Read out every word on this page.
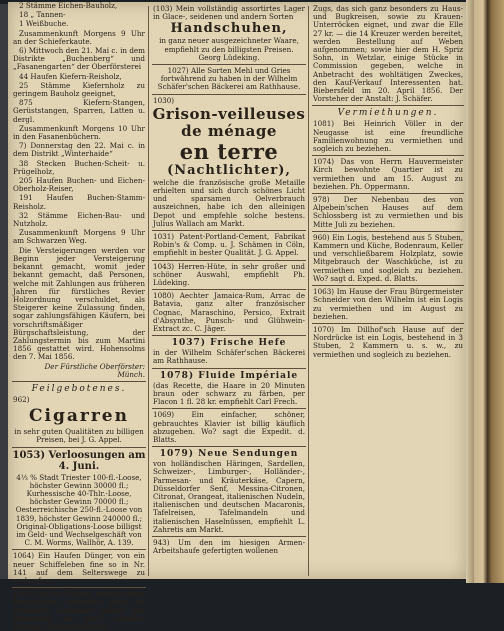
2 Stämme Eichen-Bauholz,

18 „ Tannen-

1 Weißbuche.

Zusammenkunft Morgens 9 Uhr an der Schieferkaute.

6) Mittwoch den 21. Mai c. in dem Distrikte „Buchenberg“ und „Fasanengarten“ der Oberförsterei

44 Haufen Kiefern-Reisholz,

25 Stämme Kiefernholz zu geringem Bauholz geeignet,

875 Kiefern-Stangen, Gerüststangen, Sparren, Latten u. dergl.

Zusammenkunft Morgens 10 Uhr in den Fasanenbüchern.

7) Donnerstag den 22. Mai c. in dem Distrikt „Winterhaide“

38 Stecken Buchen-Scheit- u. Prügelholz,

205 Haufen Buchen- und Eichen-Oberholz-Reiser,

191 Haufen Buchen-Stamm-Reisholz.

32 Stämme Eichen-Bau- und Nutzholz.

Zusammenkunft Morgens 9 Uhr am Schwarzen Weg.

Die Versteigerungen werden vor Beginn jeder Versteigerung bekannt gemacht, womit jeder bekannt gemacht, daß Personen, welche mit Zahlungen aus früheren Jahren für fürstliches Revier Holzordnung verschuldet, als Steigerer keine Zulassung finden, sogar zahlungsfähigen Käufern, bei vorschriftsmäßiger Bürgschaftsleistung, der Zahlungstermin bis zum Martini 1856 gestattet wird. Hohensolms den 7. Mai 1856.

Der Fürstliche Oberförster: Münch.

Feilgebotenes.
962)
Cigarren
in sehr guten Qualitäten zu billigen Preisen, bei J. G. Appel.
1053) Verloosungen am 4. Juni.
4⅓ % Stadt Triester 100-fl.-Loose, höchster Gewinn 30000 fl.; Kurhessische 40-Thlr.-Loose, höchster Gewinn 70000 fl.; Oesterreichische 250-fl.-Loose von 1839, höchster Gewinn 240000 fl.; Original-Obligations-Loose billigst im Geld- und Wechselgeschäft von C. M. Worms, Wallhör, A. 139.
1064) Ein Haufen Dünger, von ein neuer Schiffeleben fine so in Nr. 141 auf dem Selterswege zu verkaufen.
1082) Ich bin Willens, mein in guter Baumstücke stehendes Haus zu verkaufen. Liebhaber wollen sich dieserhalb an mich wenden. Wannig, Schlossermeister.
(103) Mein vollständig assortirtes Lager in Glace-, seidenen und andern Sorten
Handschuhen,
in ganz neuer ausgezeichneter Waare, empfiehlt zu den billigsten Preisen. Georg Lüdeking.
1027) Alle Sorten Mehl und Gries fortwährend zu haben in der Wilhelm Schäfer'schen Bäckerei am Rathhause.
1030)
Grison-veilleuses de ménage
en terre
(Nachtlichter),
welche die französische große Metaille erhielten und sich durch schönes Licht und sparsamen Oelverbrauch auszeichnen, habe ich den alleinigen Depot und empfehle solche bestens. Julius Wallach am Markt.
1031) Patent-Portland-Cement, Fabrikat Robin's & Comp. u. J. Schämen in Cöln, empfiehlt in bester Qualität. J. G. Appel.
1043) Herren-Hüte, in sehr großer und schöner Auswahl, empfiehlt Ph. Lüdeking.
1080) Aechter Jamaica-Rum, Arrac de Batavia, ganz alter französischer Cognac, Maraschino, Persico, Extrait d'Absynthe, Punsch- und Glühwein-Extract zc. C. Jäger.
1037) Frische Hefe
in der Wilhelm Schäfer'schen Bäckerei am Rathhause.
1078) Fluide Impériale
(das Recette, die Haare in 20 Minuten braun oder schwarz zu färben, per Flacon 1 fl. 28 kr. empfiehlt Carl Frech.
1069) Ein einfacher, schöner, gebrauchtes Klavier ist billig käuflich abzugeben. Wo? sagt die Expedit. d. Blatts.
1079) Neue Sendungen
von holländischen Häringen, Sardellen, Schweizer-, Limburger-, Holländer-, Parmesan- und Kräuterkäse, Capern, Düsseldorfer Senf, Messina-Citronen, Citronat, Orangeat, italienischen Nudeln, italienischen und deutschen Macaronis, Tafelreisen, Tafelmandeln und italienischen Haselnüssen, empfiehlt L. Zahretis am Markt.
943) Um den im hiesigen Armen-Arbeitshaufe gefertigten wollenen
Zugs, das sich ganz besonders zu Haus- und Bugkreisen, sowie zu Krauen-Unterröcken eignet, und zwar die Elle 27 kr. — die 14 Kreuzer werden bereitet, werden Bestellung auf Weben aufgenommen; sowie hier dem H. Spriz Sohn, in Wetzlar, einige Stücke in Commission gegeben, welche in Anbetracht des wohltätigen Zweckes, den Kauf-Verkauf Interessenten hat. Biebersfeld im 20. April 1856. Der Vorsteher der Anstalt: J. Schäfer.
Vermiethungen.
1081) Bei Heinrich Völler in der Neugasse ist eine freundliche Familienwohnung zu vermiethen und sogleich zu beziehen.
1074) Das von Herrn Hauvermeister Kirch bewohnte Quartier ist zu vermiethen und am 15. August zu beziehen. Ph. Oppermann.
978) Der Nebenbau des von Alpebein'schen Hauses auf dem Schlossberg ist zu vermiethen und bis Mitte Juli zu beziehen.
960) Ein Logis, bestehend aus 5 Stuben, Kammern und Küche, Bodenraum, Keller und verschließbarem Holzplatz, sowie Mitgebrauch der Waschküche, ist zu vermiethen und sogleich zu beziehen. Wo? sagt d. Exped. d. Blatts.
1063) Im Hause der Frau Bürgermeister Schneider von den Wilhelm ist ein Logis zu vermiethen und im August zu beziehen.
1070) Im Dillhof'sch Hause auf der Nordrücke ist ein Logis, bestehend in 3 Stuben, 2 Kammern u. s. w., zu vermiethen und sogleich zu beziehen.
